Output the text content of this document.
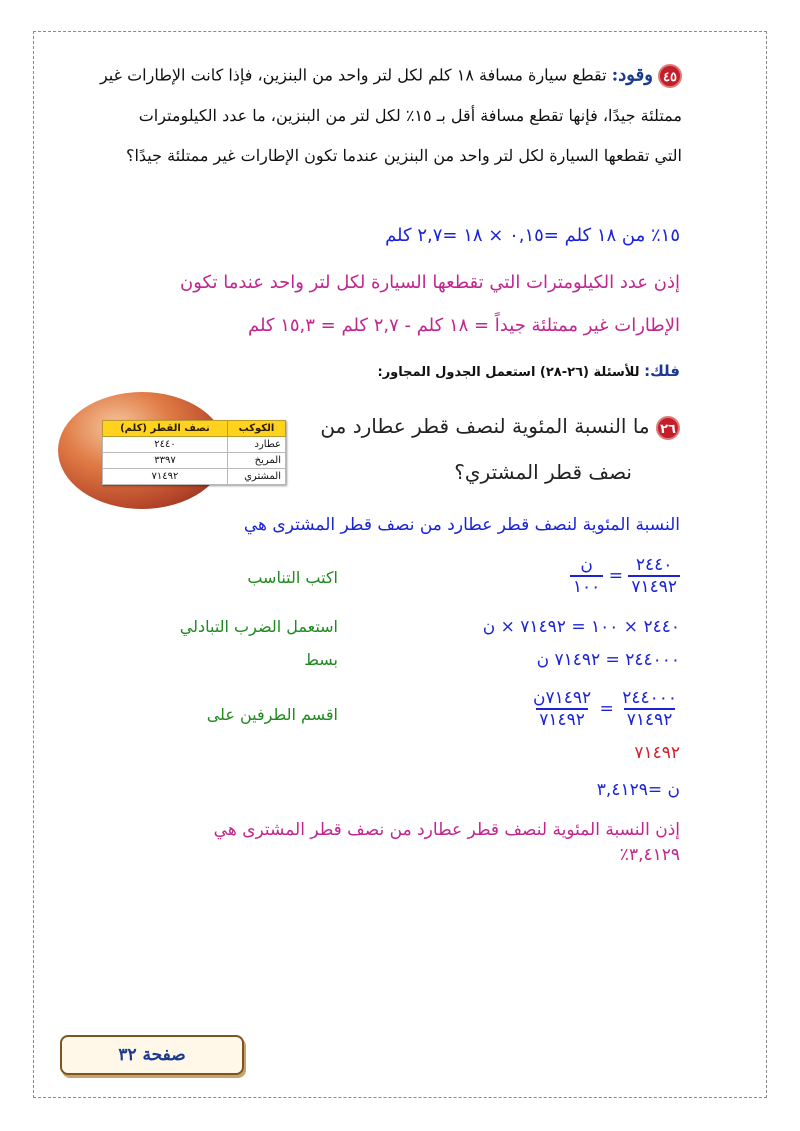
٤٥ وقود: تقطع سيارة مسافة ١٨ كلم لكل لتر واحد من البنزين، فإذا كانت الإطارات غير
ممتلئة جيدًا، فإنها تقطع مسافة أقل بـ ١٥٪ لكل لتر من البنزين، ما عدد الكيلومترات
التي تقطعها السيارة لكل لتر واحد من البنزين عندما تكون الإطارات غير ممتلئة جيدًا؟
١٥٪ من ١٨ كلم =٠,١٥ × ١٨ =٢,٧ كلم
إذن عدد الكيلومترات التي تقطعها السيارة لكل لتر واحد عندما تكون
الإطارات غير ممتلئة جيداً = ١٨ كلم - ٢,٧ كلم = ١٥,٣ كلم
فلك: للأسئلة (٢٦-٢٨) استعمل الجدول المجاور:
الكوكب	نصف القطر (كلم)
عطارد	٢٤٤٠
المريخ	٣٣٩٧
المشتري	٧١٤٩٢
٢٦ ما النسبة المئوية لنصف قطر عطارد من
نصف قطر المشتري؟
النسبة المئوية لنصف قطر عطارد من نصف قطر المشترى هي
$\frac{\text{ن}}{١٠٠} = \frac{٢٤٤٠}{٧١٤٩٢}$
اكتب التناسب
٢٤٤٠ × ١٠٠ = ٧١٤٩٢ × ن
استعمل الضرب التبادلي
٢٤٤٠٠٠ = ٧١٤٩٢ ن
بسط
$\frac{\text{٧١٤٩٢ن}}{٧١٤٩٢} = \frac{٢٤٤٠٠٠}{٧١٤٩٢}$
اقسم الطرفين على
٧١٤٩٢
ن =٣,٤١٢٩
إذن النسبة المئوية لنصف قطر عطارد من نصف قطر المشترى هي
٣,٤١٢٩٪
صفحة ٣٢
